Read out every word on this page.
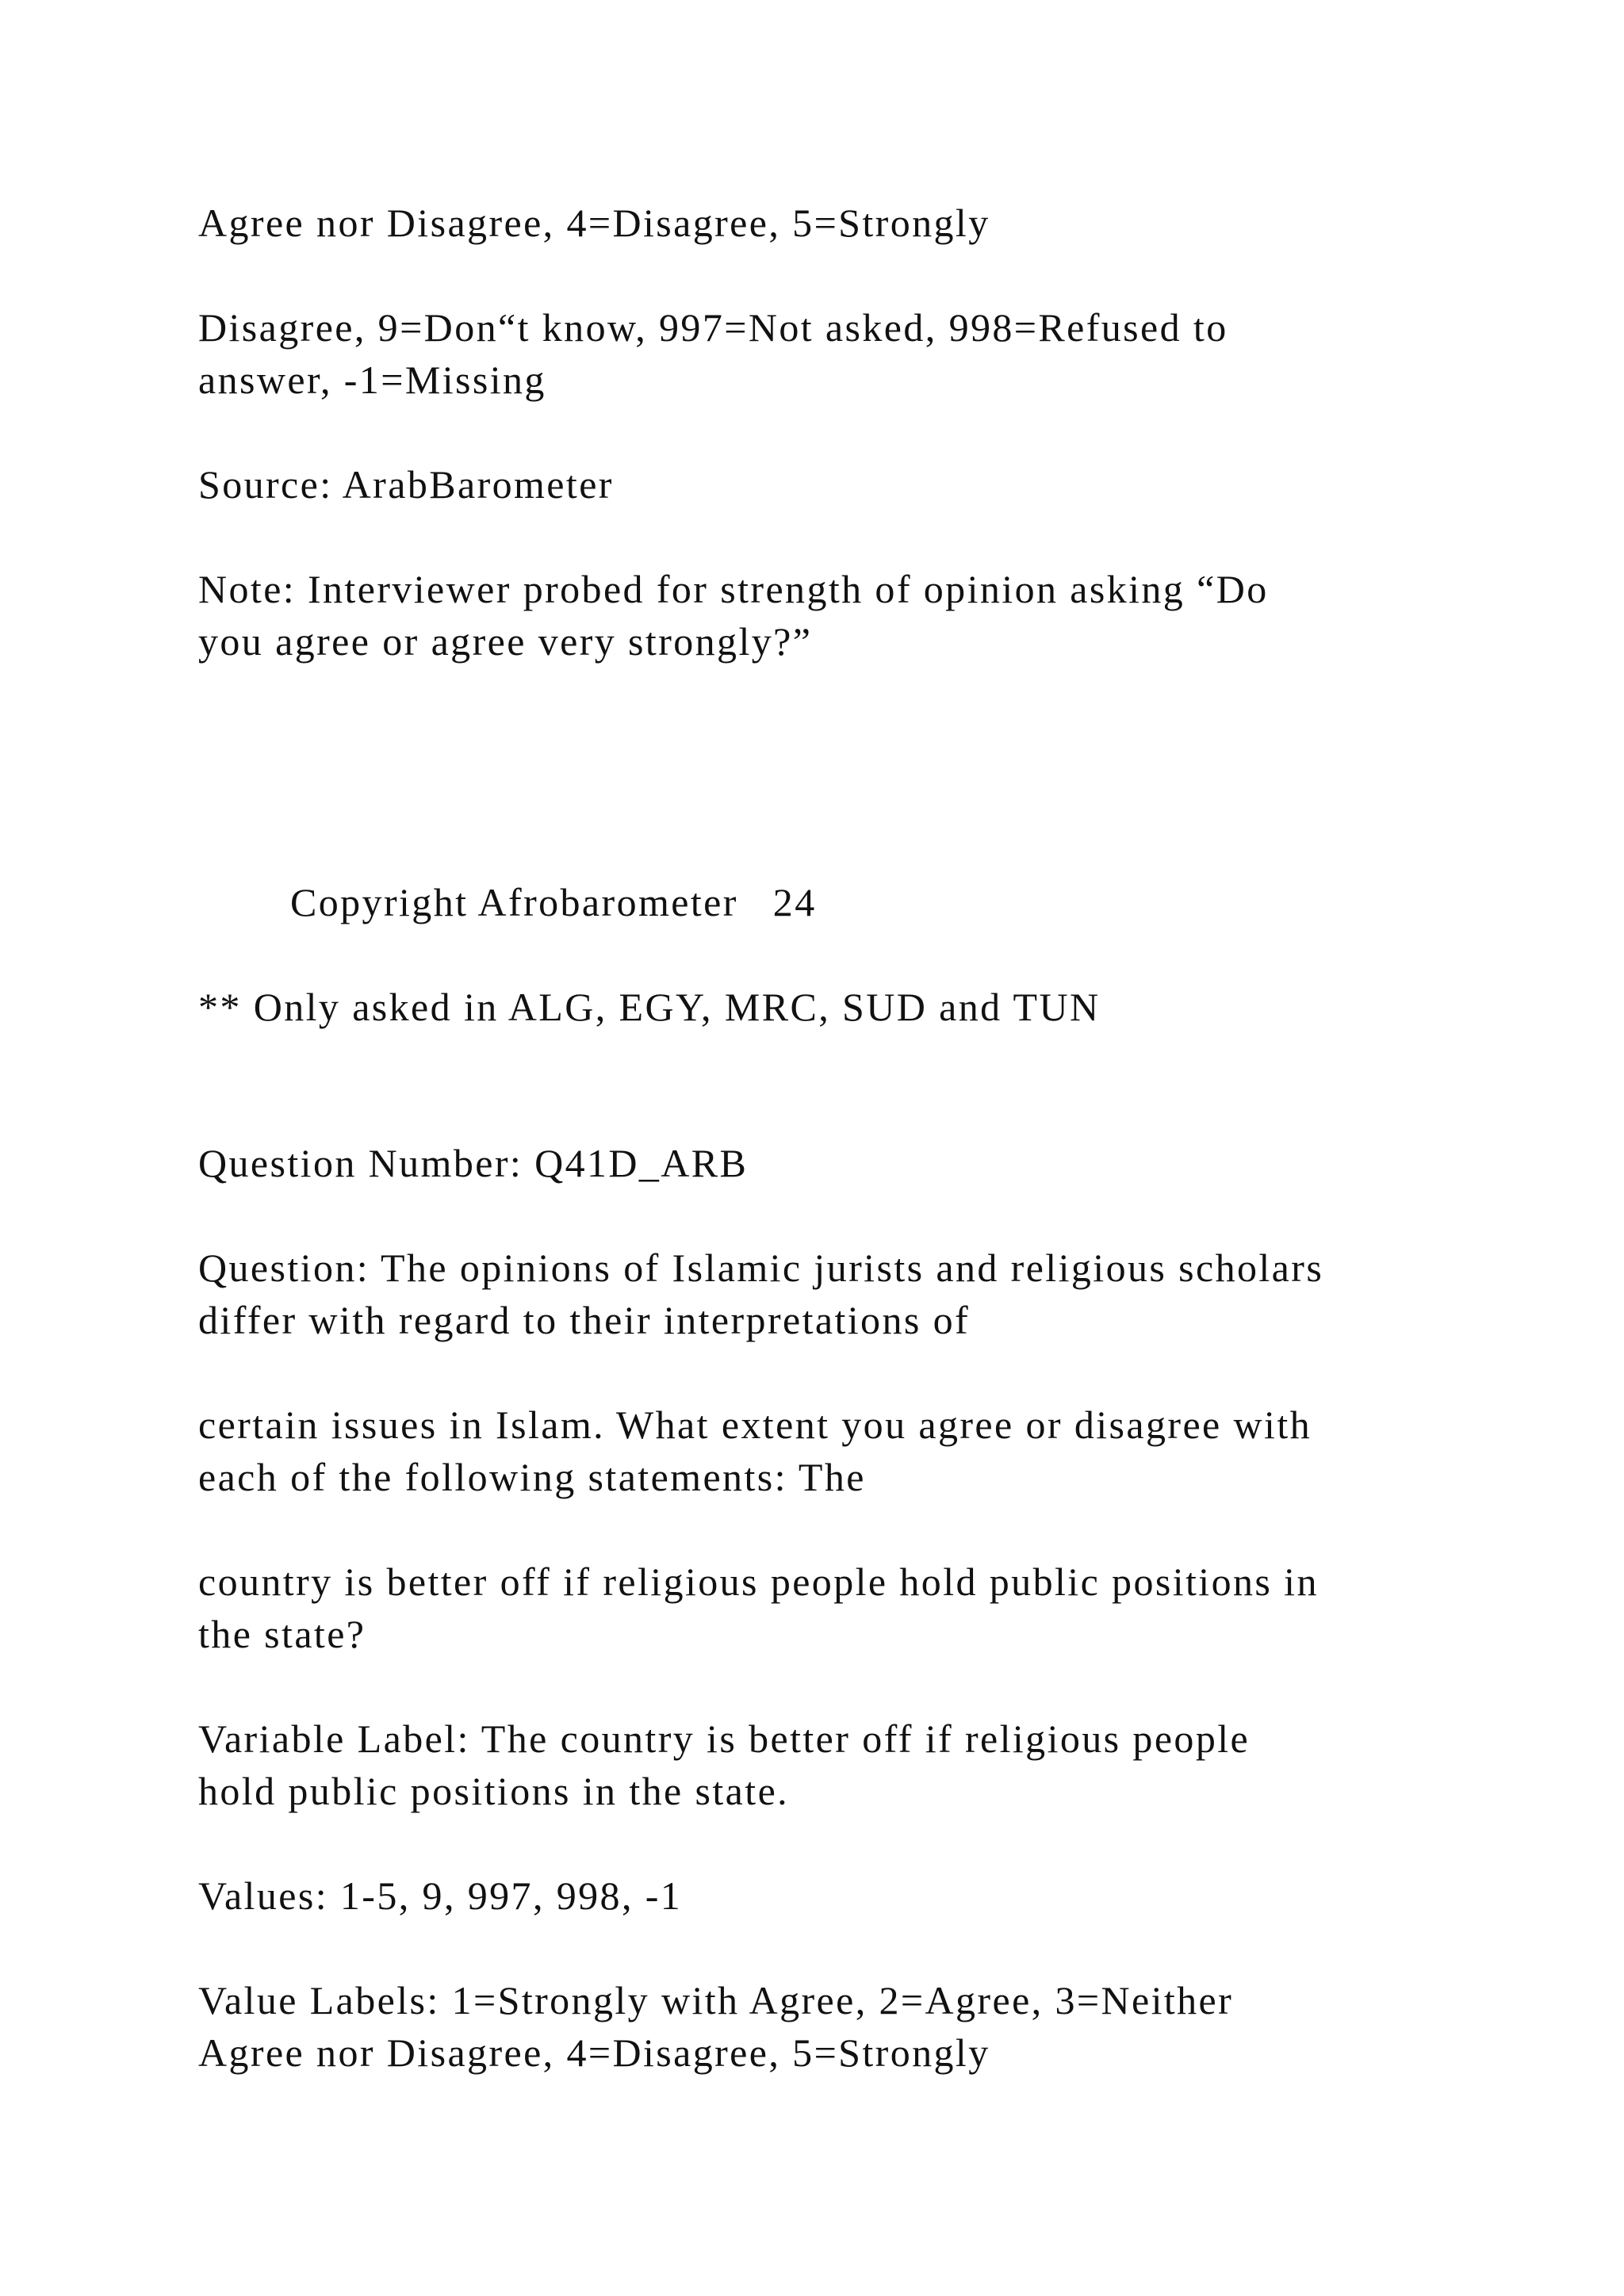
Agree nor Disagree, 4=Disagree, 5=Strongly
Disagree, 9=Don“t know, 997=Not asked, 998=Refused to
answer, -1=Missing
Source: ArabBarometer
Note: Interviewer probed for strength of opinion asking “Do
you agree or agree very strongly?”
Copyright Afrobarometer 24
** Only asked in ALG, EGY, MRC, SUD and TUN
Question Number: Q41D_ARB
Question: The opinions of Islamic jurists and religious scholars
differ with regard to their interpretations of
certain issues in Islam. What extent you agree or disagree with
each of the following statements: The
country is better off if religious people hold public positions in
the state?
Variable Label: The country is better off if religious people
hold public positions in the state.
Values: 1-5, 9, 997, 998, -1
Value Labels: 1=Strongly with Agree, 2=Agree, 3=Neither
Agree nor Disagree, 4=Disagree, 5=Strongly
